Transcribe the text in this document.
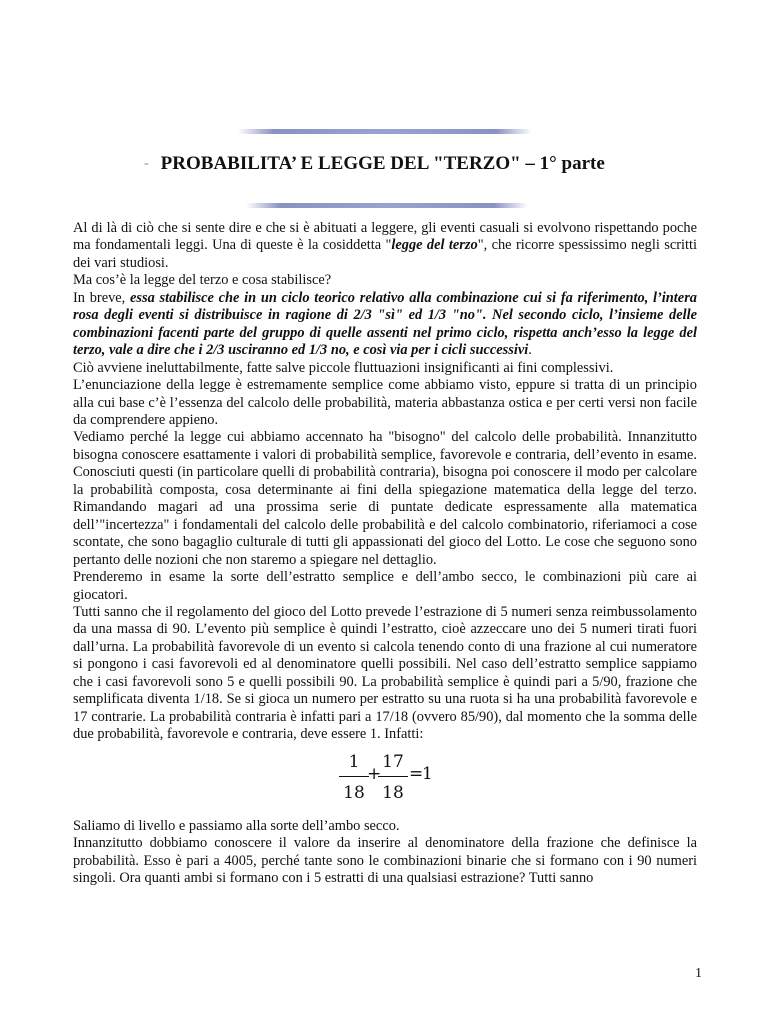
- PROBABILITA’ E LEGGE DEL "TERZO" – 1° parte

Al di là di ciò che si sente dire e che si è abituati a leggere, gli eventi casuali si evolvono rispettando poche ma fondamentali leggi. Una di queste è la cosiddetta "legge del terzo", che ricorre spessissimo negli scritti dei vari studiosi.

Ma cos’è la legge del terzo e cosa stabilisce?

In breve, essa stabilisce che in un ciclo teorico relativo alla combinazione cui si fa riferimento, l’intera rosa degli eventi si distribuisce in ragione di 2/3 "sì" ed 1/3 "no". Nel secondo ciclo, l’insieme delle combinazioni facenti parte del gruppo di quelle assenti nel primo ciclo, rispetta anch’esso la legge del terzo, vale a dire che i 2/3 usciranno ed 1/3 no, e così via per i cicli successivi.

Ciò avviene ineluttabilmente, fatte salve piccole fluttuazioni insignificanti ai fini complessivi.

L’enunciazione della legge è estremamente semplice come abbiamo visto, eppure si tratta di un principio alla cui base c’è l’essenza del calcolo delle probabilità, materia abbastanza ostica e per certi versi non facile da comprendere appieno.

Vediamo perché la legge cui abbiamo accennato ha "bisogno" del calcolo delle probabilità. Innanzitutto bisogna conoscere esattamente i valori di probabilità semplice, favorevole e contraria, dell’evento in esame. Conosciuti questi (in particolare quelli di probabilità contraria), bisogna poi conoscere il modo per calcolare la probabilità composta, cosa determinante ai fini della spiegazione matematica della legge del terzo. Rimandando magari ad una prossima serie di puntate dedicate espressamente alla matematica dell’"incertezza" i fondamentali del calcolo delle probabilità e del calcolo combinatorio, riferiamoci a cose scontate, che sono bagaglio culturale di tutti gli appassionati del gioco del Lotto. Le cose che seguono sono pertanto delle nozioni che non staremo a spiegare nel dettaglio.

Prenderemo in esame la sorte dell’estratto semplice e dell’ambo secco, le combinazioni più care ai giocatori.

Tutti sanno che il regolamento del gioco del Lotto prevede l’estrazione di 5 numeri senza reimbussolamento da una massa di 90. L’evento più semplice è quindi l’estratto, cioè azzeccare uno dei 5 numeri tirati fuori dall’urna. La probabilità favorevole di un evento si calcola tenendo conto di una frazione al cui numeratore si pongono i casi favorevoli ed al denominatore quelli possibili. Nel caso dell’estratto semplice sappiamo che i casi favorevoli sono 5 e quelli possibili 90. La probabilità semplice è quindi pari a 5/90, frazione che semplificata diventa 1/18. Se si gioca un numero per estratto su una ruota si ha una probabilità favorevole e 17 contrarie. La probabilità contraria è infatti pari a 17/18 (ovvero 85/90), dal momento che la somma delle due probabilità, favorevole e contraria, deve essere 1. Infatti:

1
18
+
17
18
=
1

Saliamo di livello e passiamo alla sorte dell’ambo secco.

Innanzitutto dobbiamo conoscere il valore da inserire al denominatore della frazione che definisce la probabilità. Esso è pari a 4005, perché tante sono le combinazioni binarie che si formano con i 90 numeri singoli. Ora quanti ambi si formano con i 5 estratti di una qualsiasi estrazione? Tutti sanno

1
